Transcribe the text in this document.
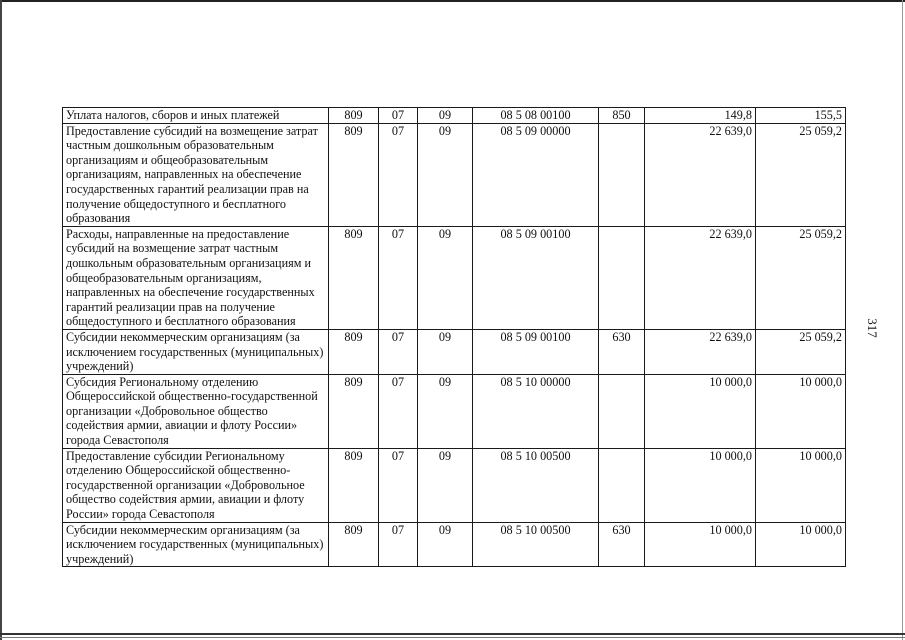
Уплата налогов, сборов и иных платежей	809	07	09	08 5 08 00100	850	149,8	155,5
Предоставление субсидий на возмещение затрат частным дошкольным образовательным организациям и общеобразовательным организациям, направленных на обеспечение государственных гарантий реализации прав на получение общедоступного и бесплатного образования	809	07	09	08 5 09 00000		22 639,0	25 059,2
Расходы, направленные на предоставление субсидий на возмещение затрат частным дошкольным образовательным организациям и общеобразовательным организациям, направленных на обеспечение государственных гарантий реализации прав на получение общедоступного и бесплатного образования	809	07	09	08 5 09 00100		22 639,0	25 059,2
Субсидии некоммерческим организациям (за исключением государственных (муниципальных) учреждений)	809	07	09	08 5 09 00100	630	22 639,0	25 059,2
Субсидия Региональному отделению Общероссийской общественно-государственной организации «Добровольное общество содействия армии, авиации и флоту России» города Севастополя	809	07	09	08 5 10 00000		10 000,0	10 000,0
Предоставление субсидии Региональному отделению Общероссийской общественно-государственной организации «Добровольное общество содействия армии, авиации и флоту России» города Севастополя	809	07	09	08 5 10 00500		10 000,0	10 000,0
Субсидии некоммерческим организациям (за исключением государственных (муниципальных) учреждений)	809	07	09	08 5 10 00500	630	10 000,0	10 000,0
317
